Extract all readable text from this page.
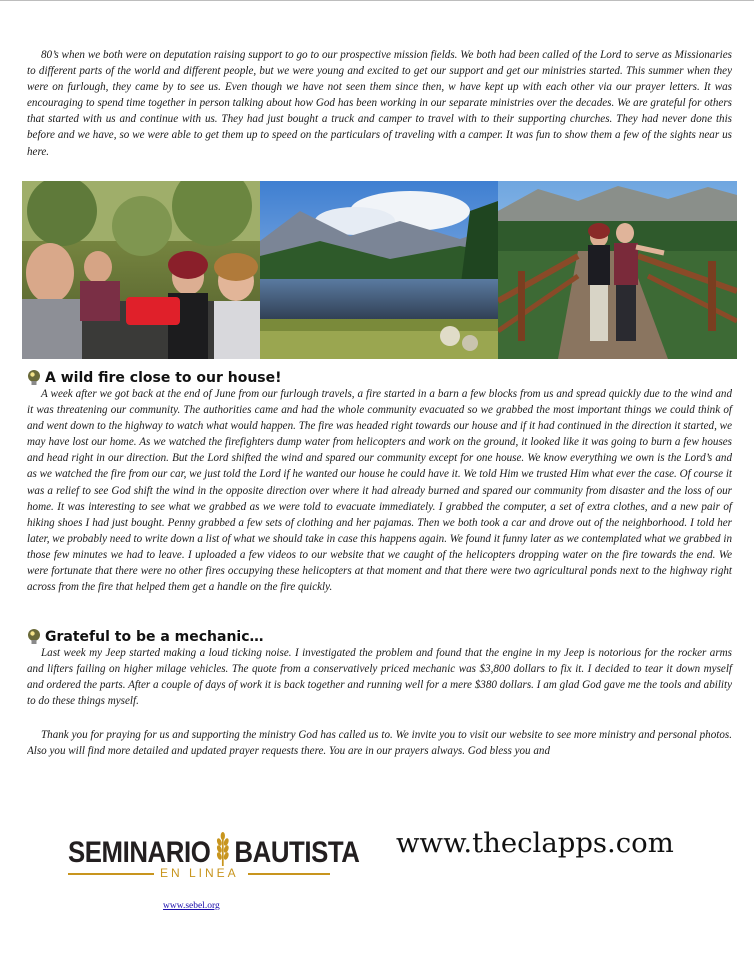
80’s when we both were on deputation raising support to go to our prospective mission fields. We both had been called of the Lord to serve as Missionaries to different parts of the world and different people, but we were young and excited to get our support and get our ministries started. This summer when they were on furlough, they came by to see us. Even though we have not seen them since then, w have kept up with each other via our prayer letters. It was encouraging to spend time together in person talking about how God has been working in our separate ministries over the decades. We are grateful for others that started with us and continue with us. They had just bought a truck and camper to travel with to their supporting churches. They had never done this before and we have, so we were able to get them up to speed on the particulars of traveling with a camper. It was fun to show them a few of the sights near us here.

A wild fire close to our house!

A week after we got back at the end of June from our furlough travels, a fire started in a barn a few blocks from us and spread quickly due to the wind and it was threatening our community. The authorities came and had the whole community evacuated so we grabbed the most important things we could think of and went down to the highway to watch what would happen. The fire was headed right towards our house and if it had continued in the direction it started, we may have lost our home. As we watched the firefighters dump water from helicopters and work on the ground, it looked like it was going to burn a few houses and head right in our direction. But the Lord shifted the wind and spared our community except for one house. We know everything we own is the Lord’s and as we watched the fire from our car, we just told the Lord if he wanted our house he could have it. We told Him we trusted Him what ever the case. Of course it was a relief to see God shift the wind in the opposite direction over where it had already burned and spared our community from disaster and the loss of our home. It was interesting to see what we grabbed as we were told to evacuate immediately. I grabbed the computer, a set of extra clothes, and a new pair of hiking shoes I had just bought. Penny grabbed a few sets of clothing and her pajamas. Then we both took a car and drove out of the neighborhood. I told her later, we probably need to write down a list of what we should take in case this happens again. We found it funny later as we contemplated what we grabbed in those few minutes we had to leave. I uploaded a few videos to our website that we caught of the helicopters dropping water on the fire towards the end. We were fortunate that there were no other fires occupying these helicopters at that moment and that there were two agricultural ponds next to the highway right across from the fire that helped them get a handle on the fire quickly.

Grateful to be a mechanic…

Last week my Jeep started making a loud ticking noise. I investigated the problem and found that the engine in my Jeep is notorious for the rocker arms and lifters failing on higher milage vehicles. The quote from a conservatively priced mechanic was $3,800 dollars to fix it. I decided to tear it down myself and ordered the parts. After a couple of days of work it is back together and running well for a mere $380 dollars. I am glad God gave me the tools and ability to do these things myself.

Thank you for praying for us and supporting the ministry God has called us to. We invite you to visit our website to see more ministry and personal photos. Also you will find more detailed and updated prayer requests there. You are in our prayers always. God bless you and

SEMINARIO BAUTISTA
EN LINEA
www.theclapps.com
www.sebel.org
